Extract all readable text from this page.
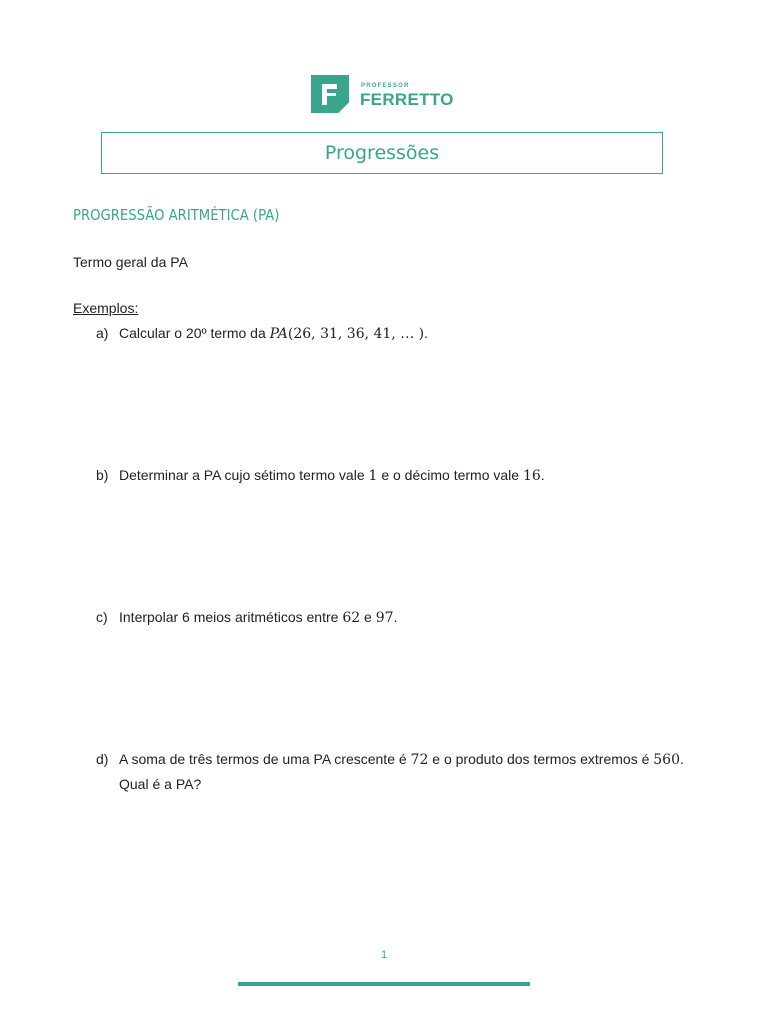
PROFESSOR
FERRETTO
Progressões
PROGRESSÃO ARITMÉTICA (PA)
Termo geral da PA
Exemplos:
a) Calcular o 20º termo da PA(26, 31, 36, 41, … ).
b) Determinar a PA cujo sétimo termo vale 1 e o décimo termo vale 16.
c) Interpolar 6 meios aritméticos entre 62 e 97.
d) A soma de três termos de uma PA crescente é 72 e o produto dos termos extremos é 560.
Qual é a PA?
1
